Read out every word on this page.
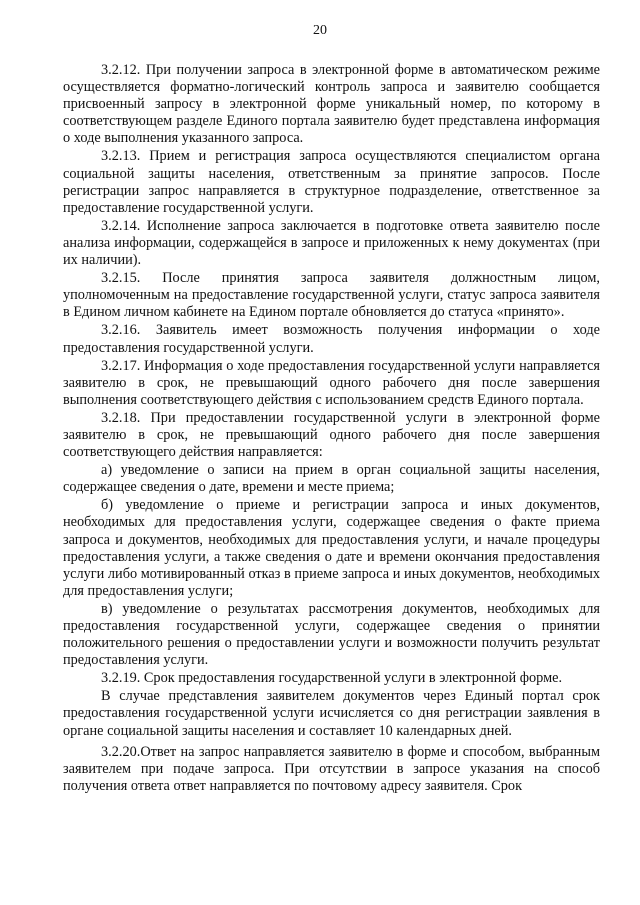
20

3.2.12. При получении запроса в электронной форме в автоматическом режиме осуществляется форматно-логический контроль запроса и заявителю сообщается присвоенный запросу в электронной форме уникальный номер, по которому в соответствующем разделе Единого портала заявителю будет представлена информация о ходе выполнения указанного запроса.

3.2.13. Прием и регистрация запроса осуществляются специалистом органа социальной защиты населения, ответственным за принятие запросов. После регистрации запрос направляется в структурное подразделение, ответственное за предоставление государственной услуги.

3.2.14. Исполнение запроса заключается в подготовке ответа заявителю после анализа информации, содержащейся в запросе и приложенных к нему документах (при их наличии).

3.2.15. После принятия запроса заявителя должностным лицом, уполномоченным на предоставление государственной услуги, статус запроса заявителя в Едином личном кабинете на Едином портале обновляется до статуса «принято».

3.2.16. Заявитель имеет возможность получения информации о ходе предоставления государственной услуги.

3.2.17. Информация о ходе предоставления государственной услуги направляется заявителю в срок, не превышающий одного рабочего дня после завершения выполнения соответствующего действия с использованием средств Единого портала.

3.2.18. При предоставлении государственной услуги в электронной форме заявителю в срок, не превышающий одного рабочего дня после завершения соответствующего действия направляется:

а) уведомление о записи на прием в орган социальной защиты населения, содержащее сведения о дате, времени и месте приема;

б) уведомление о приеме и регистрации запроса и иных документов, необходимых для предоставления услуги, содержащее сведения о факте приема запроса и документов, необходимых для предоставления услуги, и начале процедуры предоставления услуги, а также сведения о дате и времени окончания предоставления услуги либо мотивированный отказ в приеме запроса и иных документов, необходимых для предоставления услуги;

в) уведомление о результатах рассмотрения документов, необходимых для предоставления государственной услуги, содержащее сведения о принятии положительного решения о предоставлении услуги и возможности получить результат предоставления услуги.

3.2.19. Срок предоставления государственной услуги в электронной форме.

В случае представления заявителем документов через Единый портал срок предоставления государственной услуги исчисляется со дня регистрации заявления в органе социальной защиты населения и составляет 10 календарных дней.

3.2.20.Ответ на запрос направляется заявителю в форме и способом, выбранным заявителем при подаче запроса. При отсутствии в запросе указания на способ получения ответа ответ направляется по почтовому адресу заявителя. Срок
